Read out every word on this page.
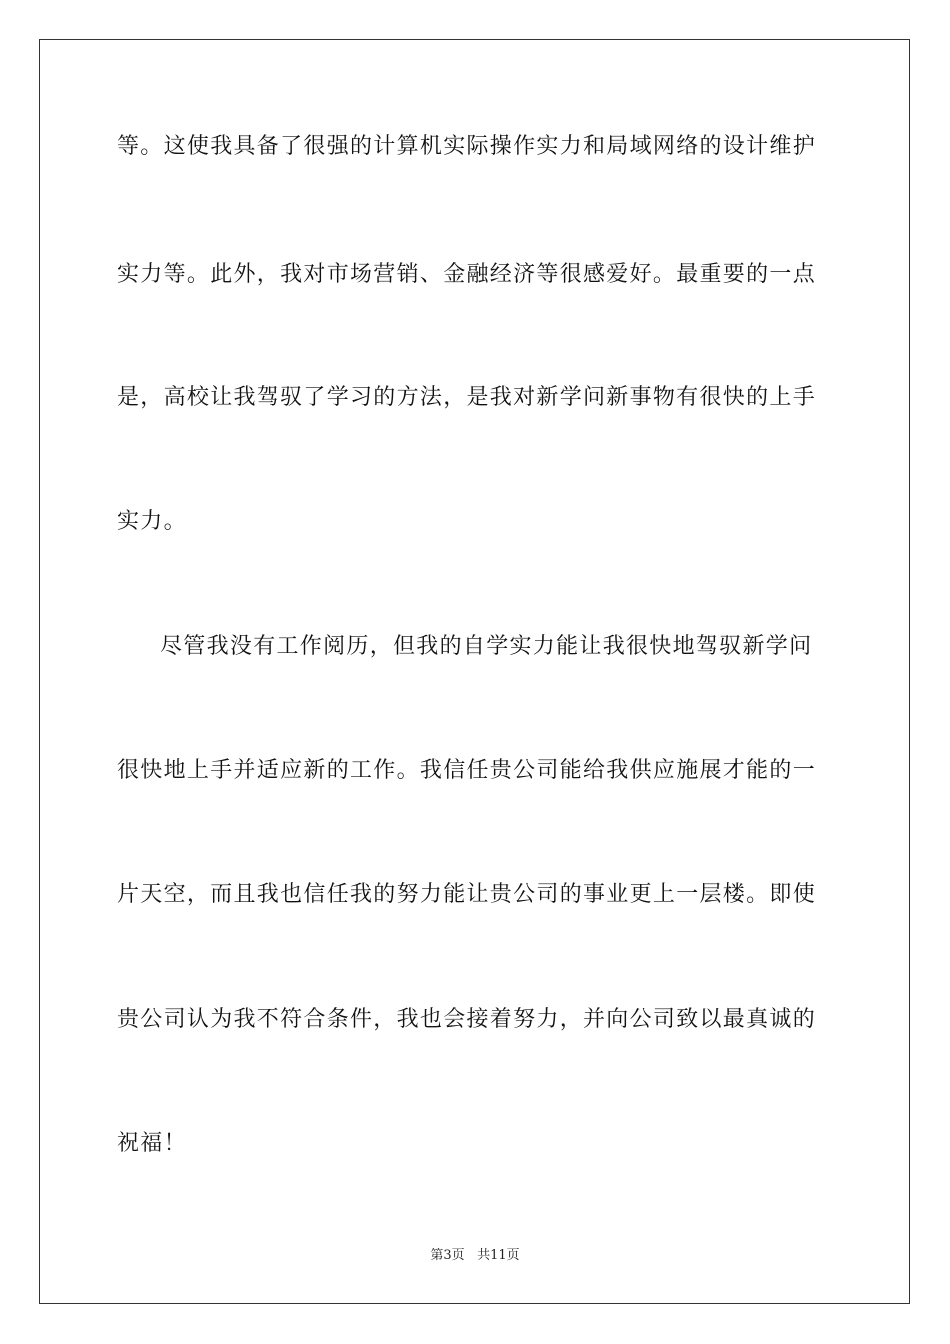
等。这使我具备了很强的计算机实际操作实力和局域网络的设计维护
实力等。此外，我对市场营销、金融经济等很感爱好。最重要的一点
是，高校让我驾驭了学习的方法，是我对新学问新事物有很快的上手
实力。
尽管我没有工作阅历，但我的自学实力能让我很快地驾驭新学问
很快地上手并适应新的工作。我信任贵公司能给我供应施展才能的一
片天空，而且我也信任我的努力能让贵公司的事业更上一层楼。即使
贵公司认为我不符合条件，我也会接着努力，并向公司致以最真诚的
祝福！
第3页 共11页
